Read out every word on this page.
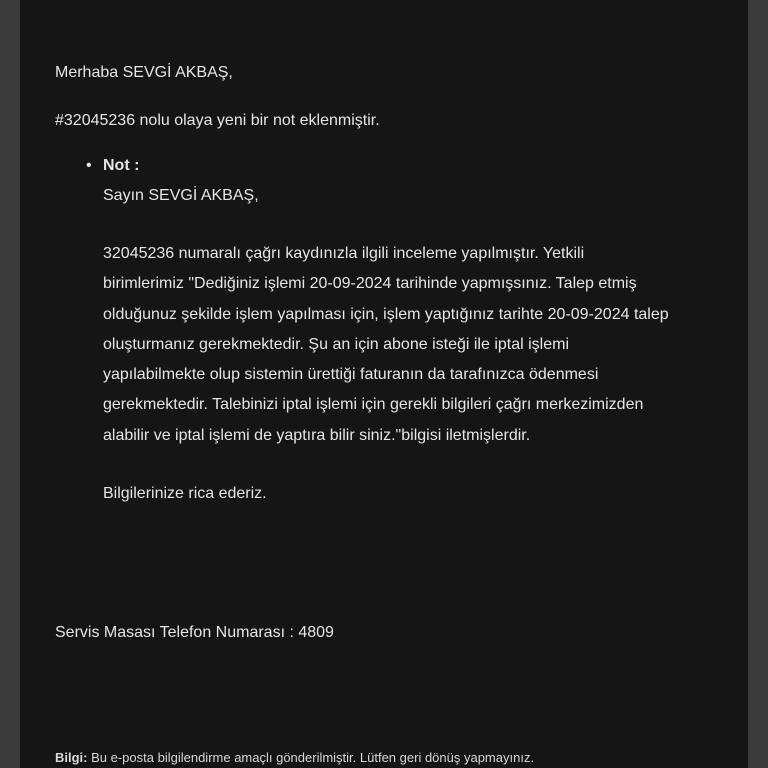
Merhaba SEVGİ AKBAŞ,
#32045236 nolu olaya yeni bir not eklenmiştir.
• Not :
Sayın SEVGİ AKBAŞ,
32045236 numaralı çağrı kaydınızla ilgili inceleme yapılmıştır. Yetkili
birimlerimiz "Dediğiniz işlemi 20-09-2024 tarihinde yapmışsınız. Talep etmiş
olduğunuz şekilde işlem yapılması için, işlem yaptığınız tarihte 20-09-2024 talep
oluşturmanız gerekmektedir. Şu an için abone isteği ile iptal işlemi
yapılabilmekte olup sistemin ürettiği faturanın da tarafınızca ödenmesi
gerekmektedir. Talebinizi iptal işlemi için gerekli bilgileri çağrı merkezimizden
alabilir ve iptal işlemi de yaptıra bilir siniz."bilgisi iletmişlerdir.
Bilgilerinize rica ederiz.
Servis Masası Telefon Numarası : 4809
Bilgi: Bu e-posta bilgilendirme amaçlı gönderilmiştir. Lütfen geri dönüş yapmayınız.
